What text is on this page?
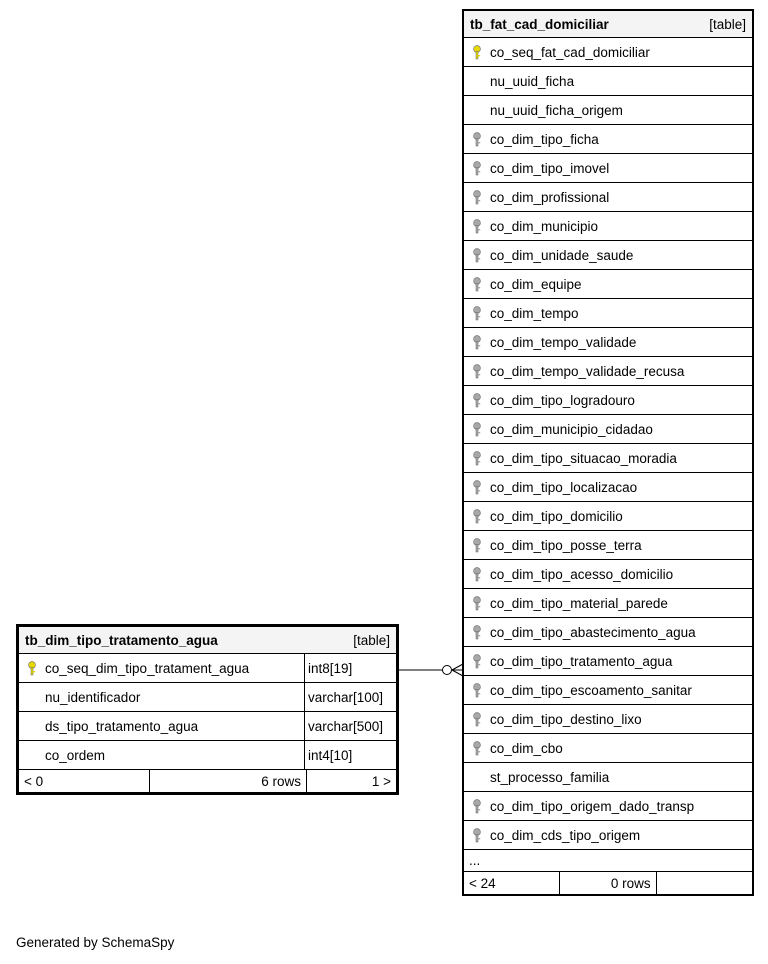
tb_fat_cad_domiciliar	[table]

co_seq_fat_cad_domiciliar
nu_uuid_ficha
nu_uuid_ficha_origem

co_dim_tipo_ficha

co_dim_tipo_imovel

co_dim_profissional

co_dim_municipio

co_dim_unidade_saude

co_dim_equipe

co_dim_tempo

co_dim_tempo_validade

co_dim_tempo_validade_recusa

co_dim_tipo_logradouro

co_dim_municipio_cidadao

co_dim_tipo_situacao_moradia

co_dim_tipo_localizacao

co_dim_tipo_domicilio

co_dim_tipo_posse_terra

co_dim_tipo_acesso_domicilio

co_dim_tipo_material_parede

co_dim_tipo_abastecimento_agua

co_dim_tipo_tratamento_agua

co_dim_tipo_escoamento_sanitar

co_dim_tipo_destino_lixo

co_dim_cbo
st_processo_familia

co_dim_tipo_origem_dado_transp

co_dim_cds_tipo_origem
...
< 24	0 rows	
tb_dim_tipo_tratamento_agua	[table]

co_seq_dim_tipo_tratament_agua	int8[19]
nu_identificador	varchar[100]
ds_tipo_tratamento_agua	varchar[500]
co_ordem	int4[10]

< 0	6 rows	1 >
Generated by SchemaSpy
